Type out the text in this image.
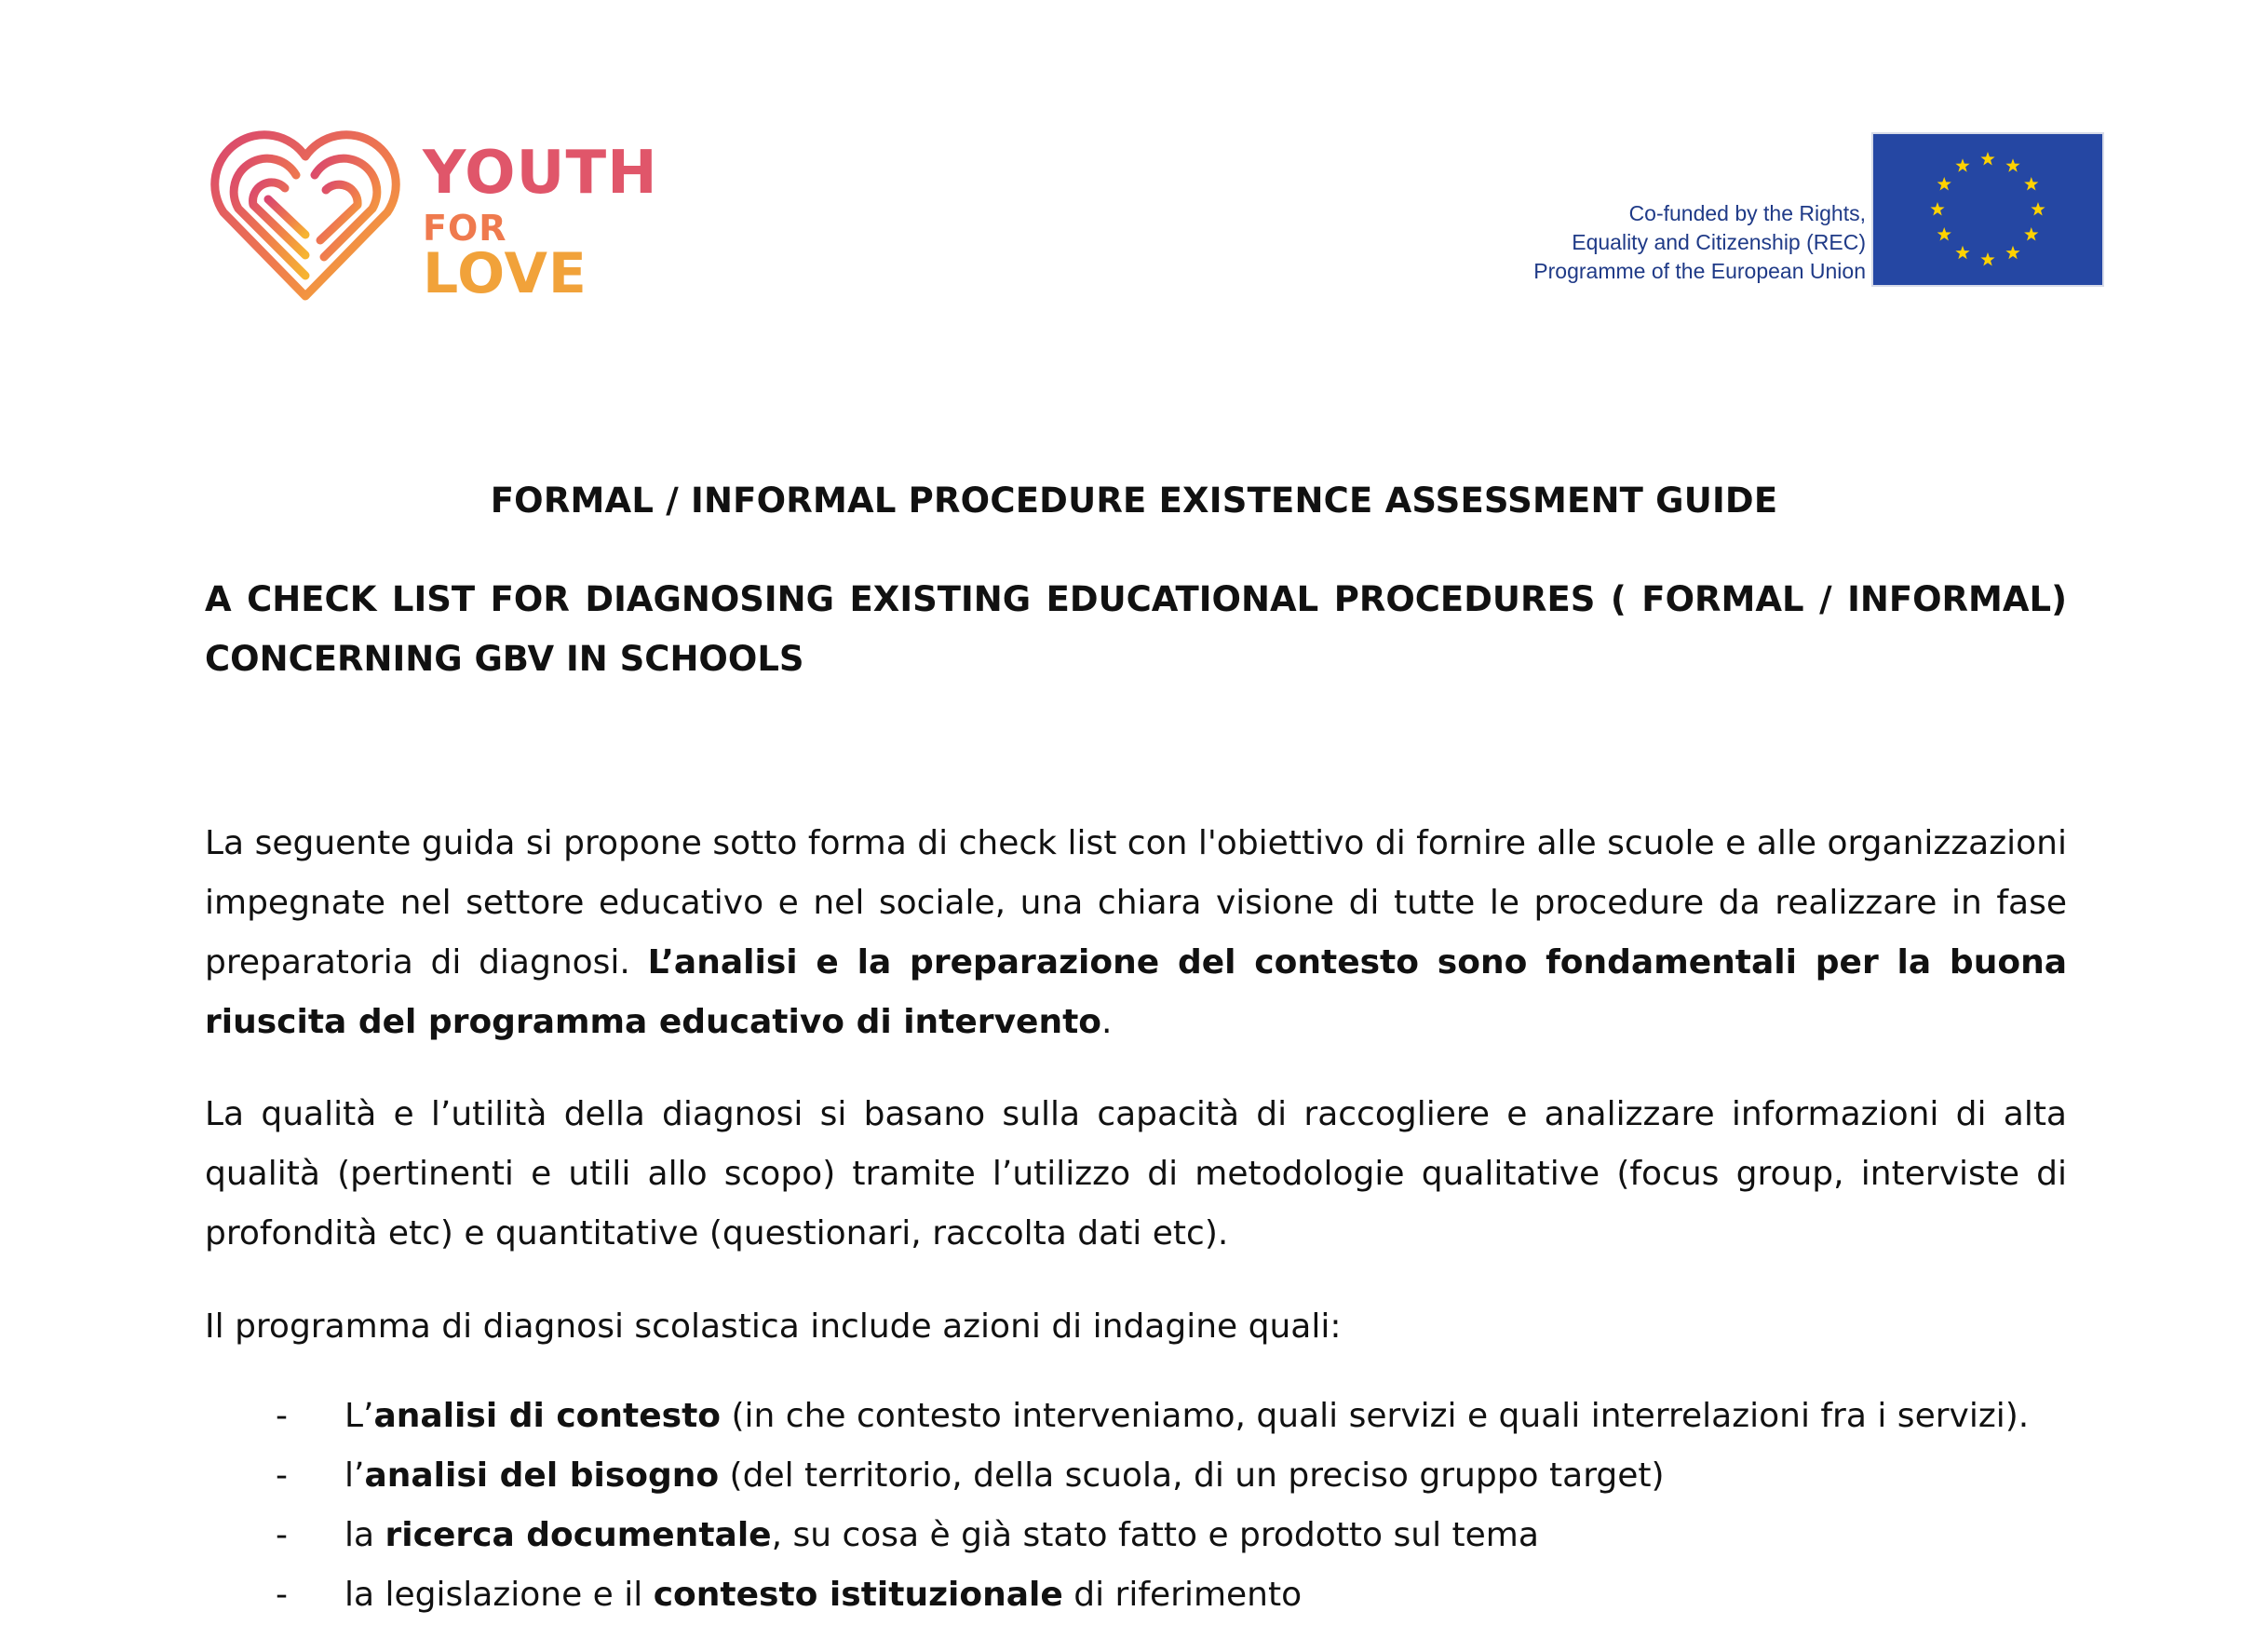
YOUTH
FOR
LOVE
Co-funded by the Rights,
Equality and Citizenship (REC)
Programme of the European Union
FORMAL / INFORMAL PROCEDURE EXISTENCE ASSESSMENT GUIDE
A CHECK LIST FOR DIAGNOSING EXISTING EDUCATIONAL PROCEDURES ( FORMAL / INFORMAL) CONCERNING GBV IN SCHOOLS
La seguente guida si propone sotto forma di check list con l'obiettivo di fornire alle scuole e alle organizzazioni impegnate nel settore educativo e nel sociale, una chiara visione di tutte le procedure da realizzare in fase preparatoria di diagnosi. L’analisi e la preparazione del contesto sono fondamentali per la buona riuscita del programma educativo di intervento.
La qualità e l’utilità della diagnosi si basano sulla capacità di raccogliere e analizzare informazioni di alta qualità (pertinenti e utili allo scopo) tramite l’utilizzo di metodologie qualitative (focus group, interviste di profondità etc) e quantitative (questionari, raccolta dati etc).
Il programma di diagnosi scolastica include azioni di indagine quali:
- L’analisi di contesto (in che contesto interveniamo, quali servizi e quali interrelazioni fra i servizi).
- l’analisi del bisogno (del territorio, della scuola, di un preciso gruppo target)
- la ricerca documentale, su cosa è già stato fatto e prodotto sul tema
- la legislazione e il contesto istituzionale di riferimento
